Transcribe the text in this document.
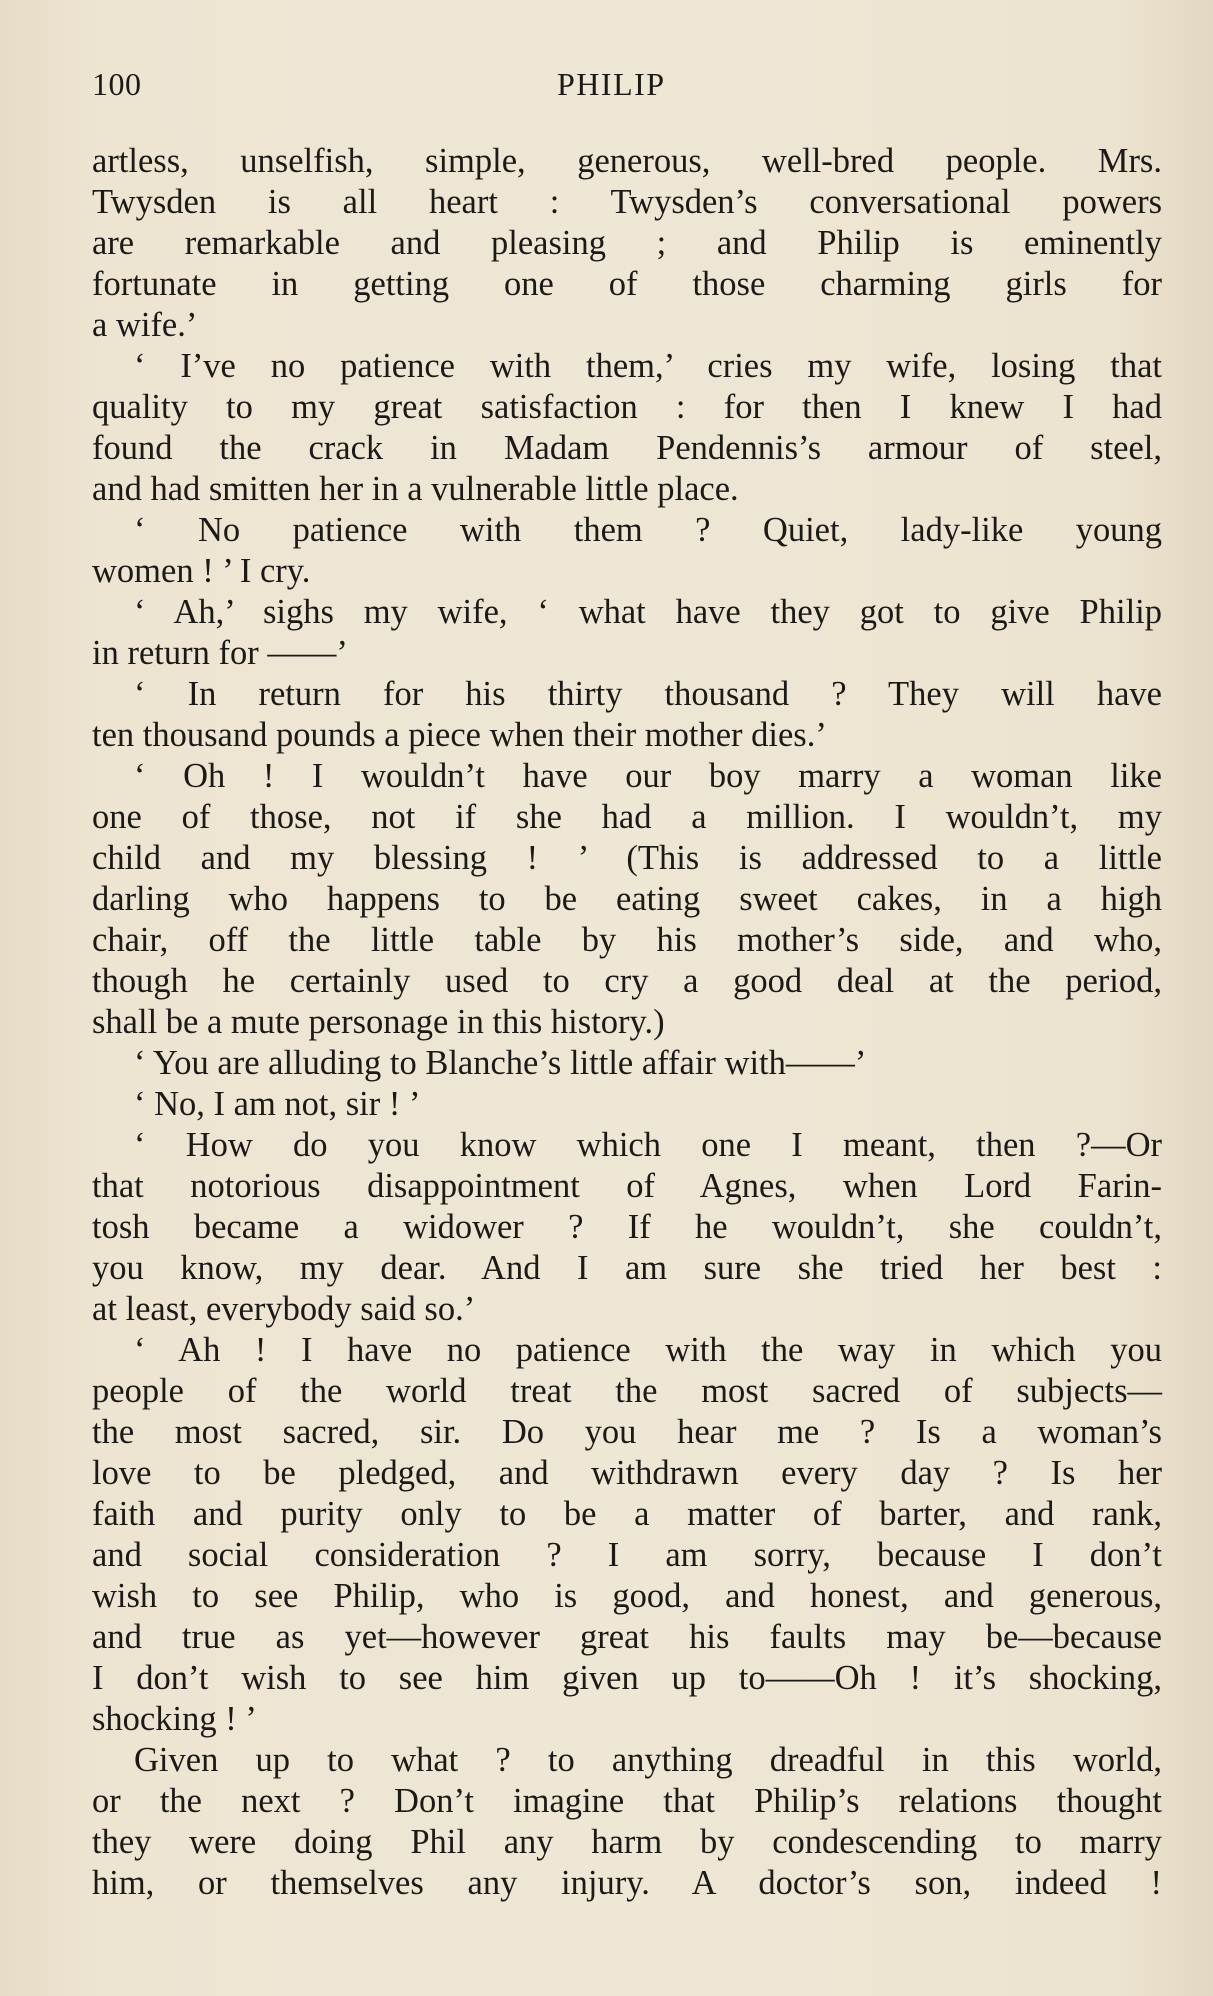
100	PHILIP
artless, unselfish, simple, generous, well-bred people. Mrs.
Twysden is all heart : Twysden’s conversational powers
are remarkable and pleasing ; and Philip is eminently
fortunate in getting one of those charming girls for
a wife.’
‘ I’ve no patience with them,’ cries my wife, losing that
quality to my great satisfaction : for then I knew I had
found the crack in Madam Pendennis’s armour of steel,
and had smitten her in a vulnerable little place.
‘ No patience with them ? Quiet, lady-like young
women ! ’ I cry.
‘ Ah,’ sighs my wife, ‘ what have they got to give Philip
in return for ——’
‘ In return for his thirty thousand ? They will have
ten thousand pounds a piece when their mother dies.’
‘ Oh ! I wouldn’t have our boy marry a woman like
one of those, not if she had a million. I wouldn’t, my
child and my blessing ! ’ (This is addressed to a little
darling who happens to be eating sweet cakes, in a high
chair, off the little table by his mother’s side, and who,
though he certainly used to cry a good deal at the period,
shall be a mute personage in this history.)
‘ You are alluding to Blanche’s little affair with——’
‘ No, I am not, sir ! ’
‘ How do you know which one I meant, then ?—Or
that notorious disappointment of Agnes, when Lord Farin-
tosh became a widower ? If he wouldn’t, she couldn’t,
you know, my dear. And I am sure she tried her best :
at least, everybody said so.’
‘ Ah ! I have no patience with the way in which you
people of the world treat the most sacred of subjects—
the most sacred, sir. Do you hear me ? Is a woman’s
love to be pledged, and withdrawn every day ? Is her
faith and purity only to be a matter of barter, and rank,
and social consideration ? I am sorry, because I don’t
wish to see Philip, who is good, and honest, and generous,
and true as yet—however great his faults may be—because
I don’t wish to see him given up to——Oh ! it’s shocking,
shocking ! ’
Given up to what ? to anything dreadful in this world,
or the next ? Don’t imagine that Philip’s relations thought
they were doing Phil any harm by condescending to marry
him, or themselves any injury. A doctor’s son, indeed !
